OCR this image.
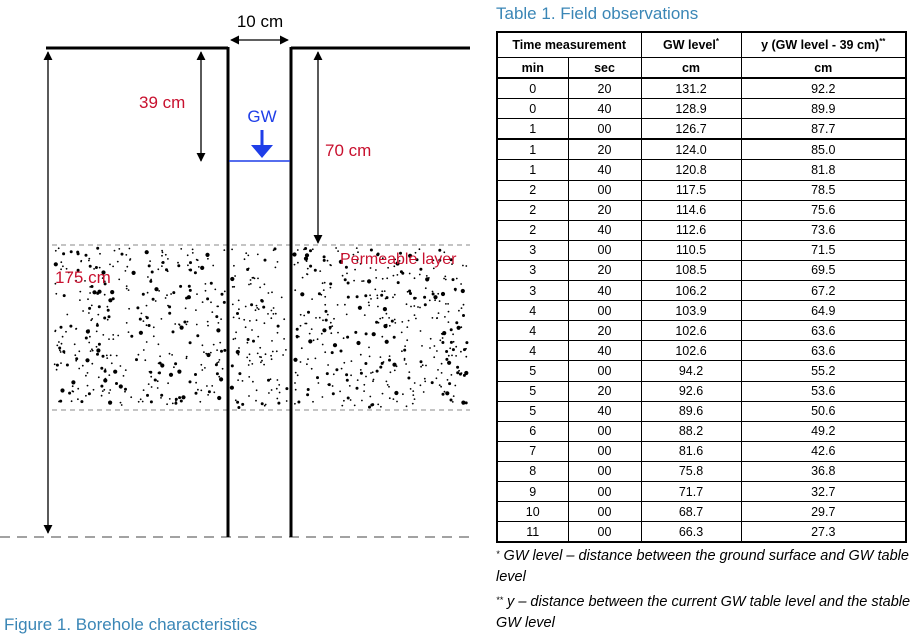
10 cm
175 cm
39 cm
70 cm
GW
Permeable layer
Figure 1. Borehole characteristics
Table 1. Field observations
Time measurement		GW level*	y (GW level - 39 cm)**
min	sec	cm	cm
0	20	131.2	92.2
0	40	128.9	89.9
1	00	126.7	87.7
1	20	124.0	85.0
1	40	120.8	81.8
2	00	117.5	78.5
2	20	114.6	75.6
2	40	112.6	73.6
3	00	110.5	71.5
3	20	108.5	69.5
3	40	106.2	67.2
4	00	103.9	64.9
4	20	102.6	63.6
4	40	102.6	63.6
5	00	94.2	55.2
5	20	92.6	53.6
5	40	89.6	50.6
6	00	88.2	49.2
7	00	81.6	42.6
8	00	75.8	36.8
9	00	71.7	32.7
10	00	68.7	29.7
11	00	66.3	27.3
* GW level – distance between the ground surface and GW table level
** y – distance between the current GW table level and the stable GW level
